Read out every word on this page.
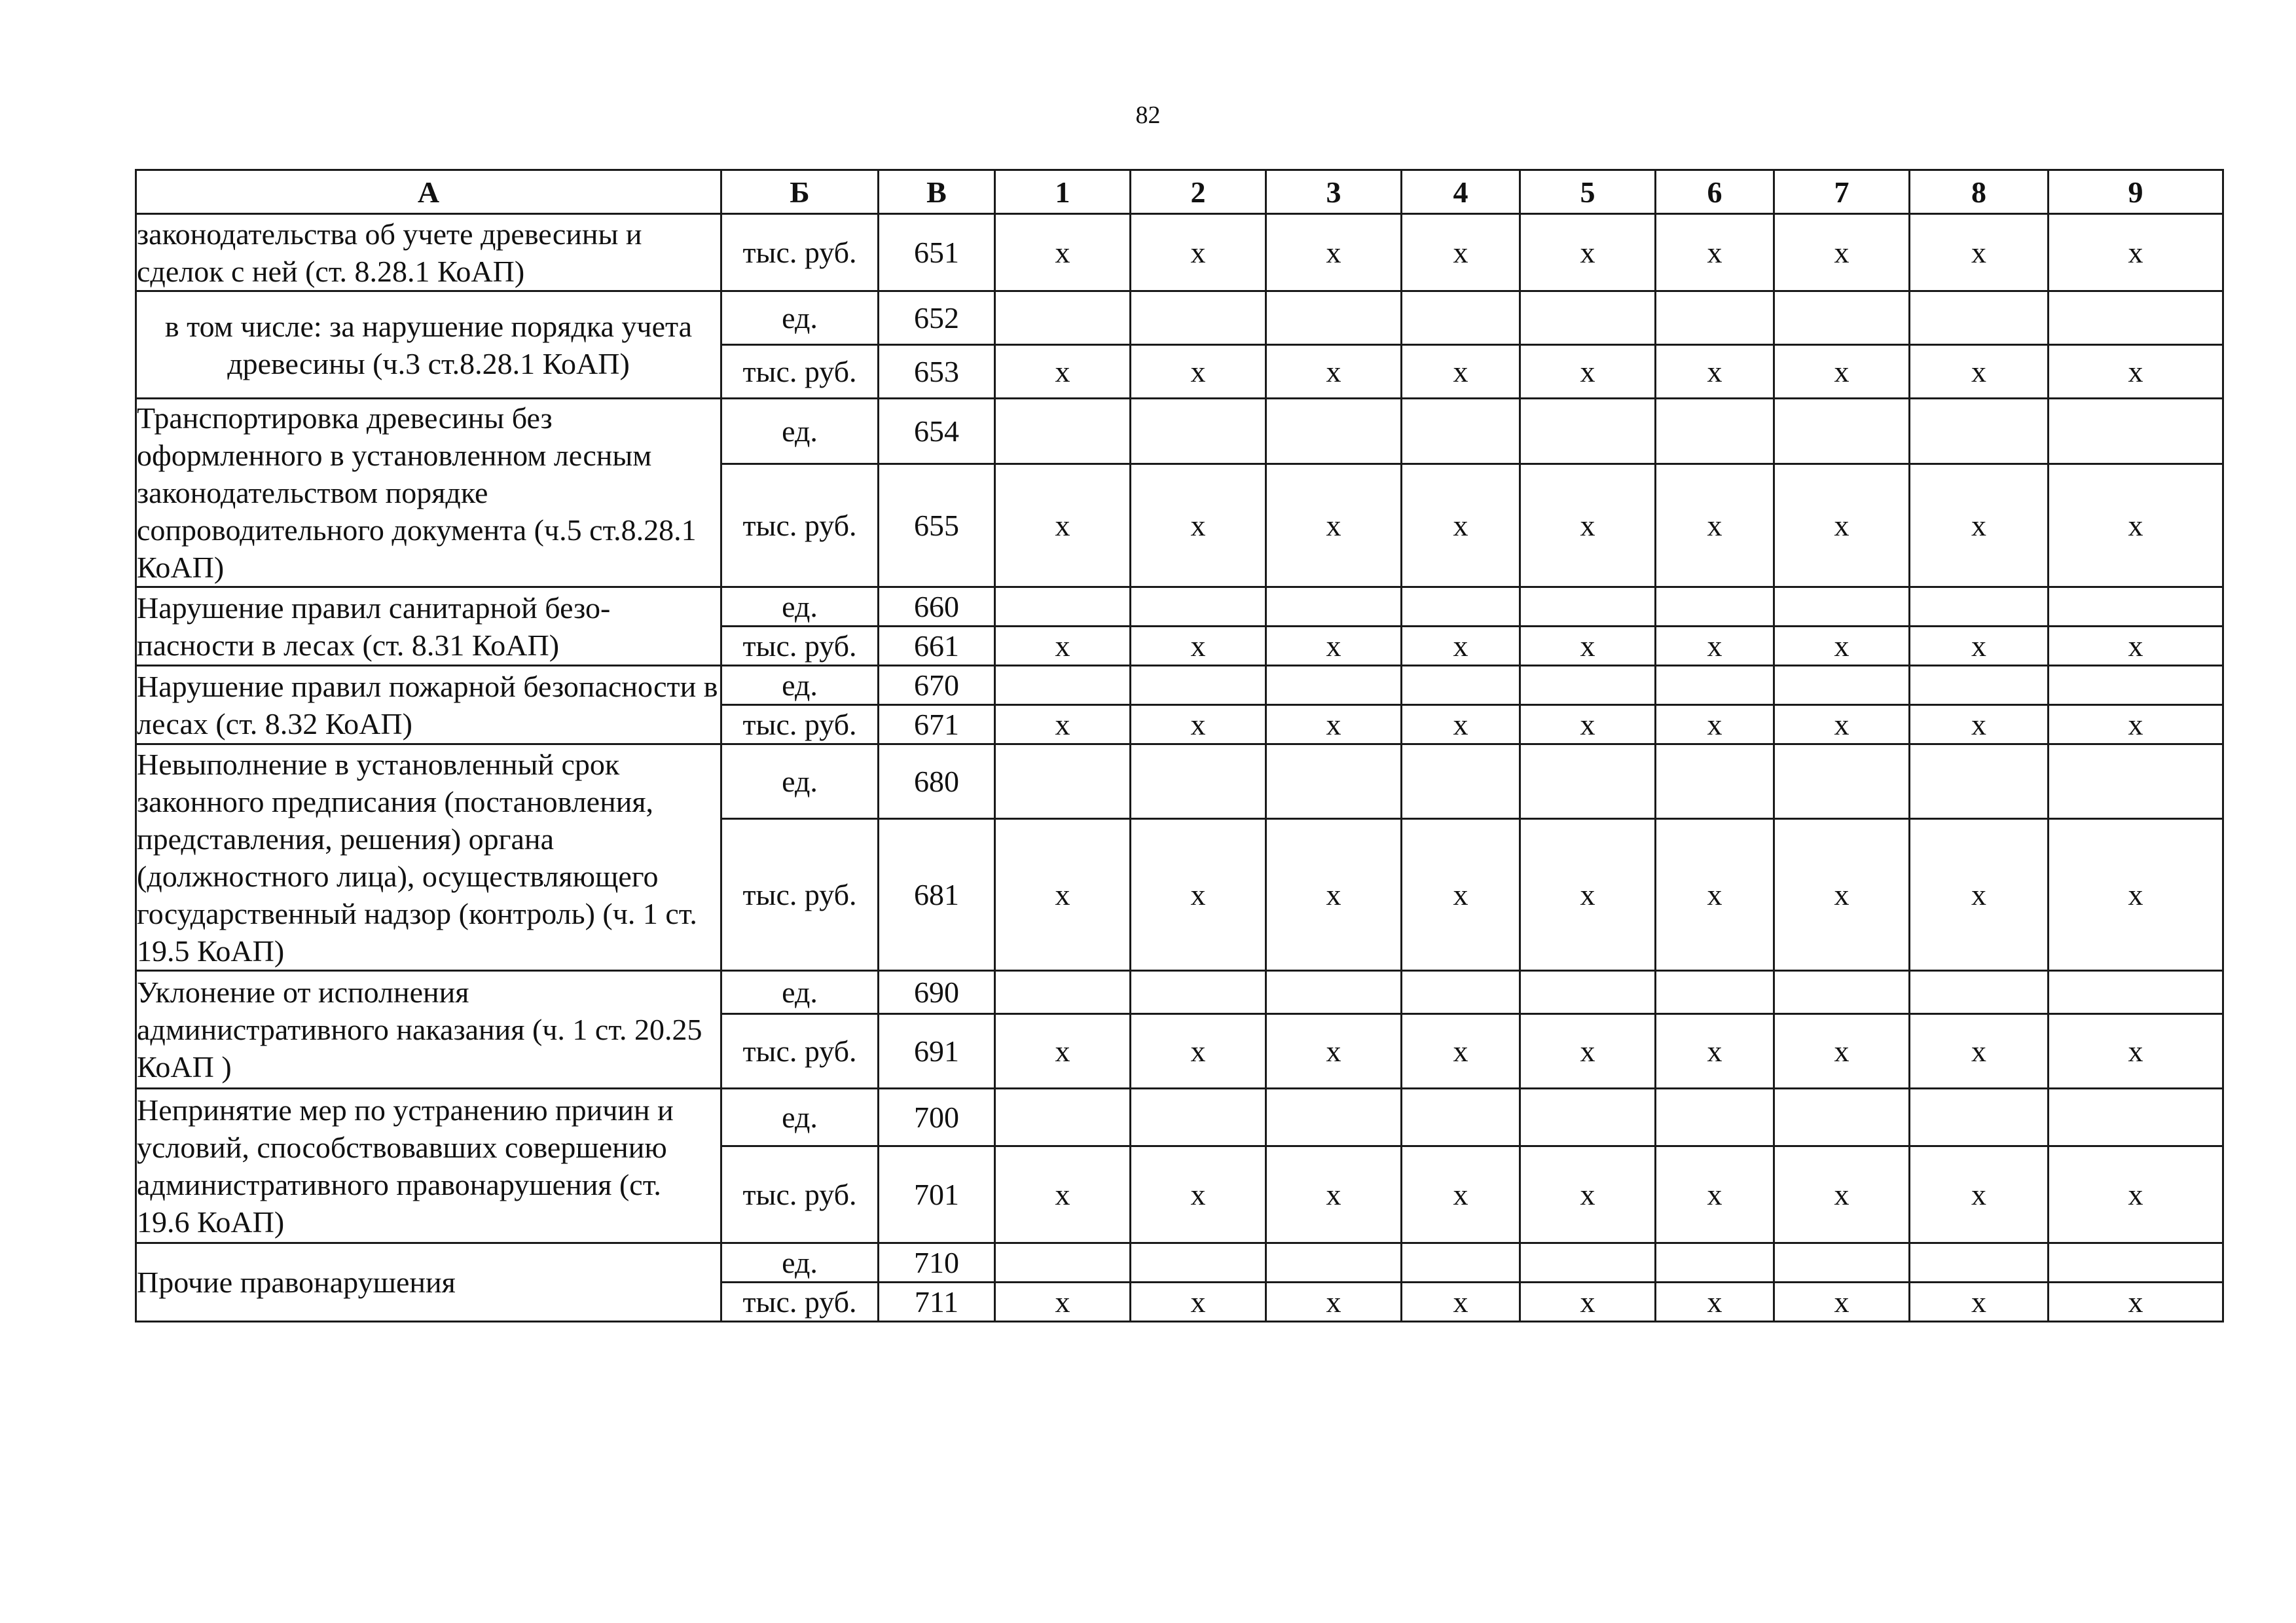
82
А	Б	В	1	2	3	4	5	6	7	8	9
законодательства об учете древесины и сделок с ней (ст. 8.28.1 КоАП)	тыс. руб.	651	х	х	х	х	х	х	х	х	х
в том числе: за нарушение порядка учета древесины (ч.3 ст.8.28.1 КоАП)	ед.	652									
	тыс. руб.	653	х	х	х	х	х	х	х	х	х
Транспортировка древесины без оформленного в установленном лесным законодательством порядке сопроводительного документа (ч.5 ст.8.28.1 КоАП)	ед.	654									
	тыс. руб.	655	х	х	х	х	х	х	х	х	х
Нарушение правил санитарной безо-пасности в лесах (ст. 8.31 КоАП)	ед.	660									
	тыс. руб.	661	х	х	х	х	х	х	х	х	х
Нарушение правил пожарной безопасности в лесах (ст. 8.32 КоАП)	ед.	670									
	тыс. руб.	671	х	х	х	х	х	х	х	х	х
Невыполнение в установленный срок законного предписания (постановления, представления, решения) органа (должностного лица), осуществляющего государственный надзор (контроль) (ч. 1 ст. 19.5 КоАП)	ед.	680									
	тыс. руб.	681	х	х	х	х	х	х	х	х	х
Уклонение от исполнения административного наказания (ч. 1 ст. 20.25 КоАП )	ед.	690									
	тыс. руб.	691	х	х	х	х	х	х	х	х	х
Непринятие мер по устранению причин и условий, способствовавших совершению административного правонарушения (ст. 19.6 КоАП)	ед.	700									
	тыс. руб.	701	х	х	х	х	х	х	х	х	х
Прочие правонарушения	ед.	710									
	тыс. руб.	711	х	х	х	х	х	х	х	х	х
